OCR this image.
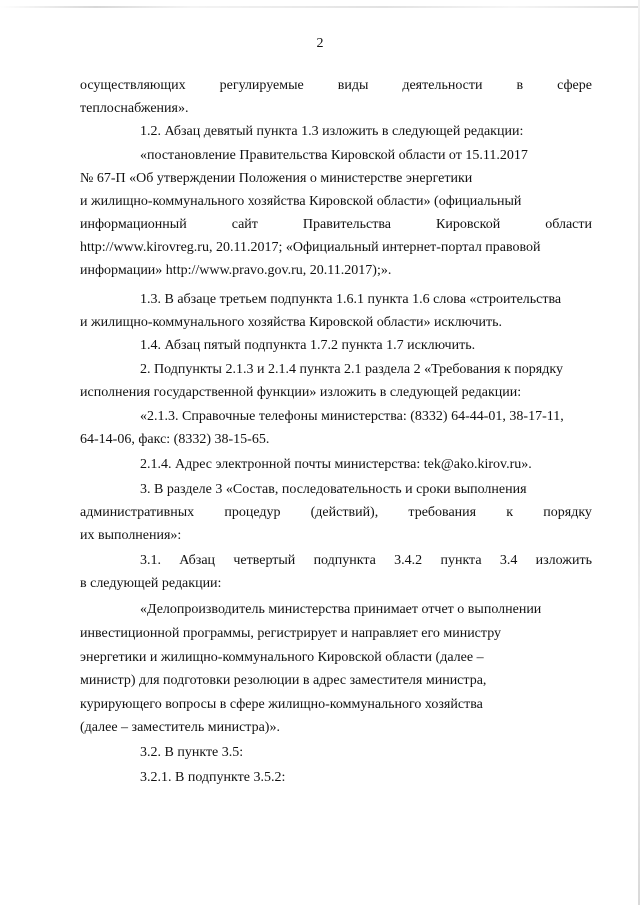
2
осуществляющих регулируемые виды деятельности в сфере
теплоснабжения».
1.2. Абзац девятый пункта 1.3 изложить в следующей редакции:
«постановление Правительства Кировской области от 15.11.2017
№ 67-П «Об утверждении Положения о министерстве энергетики
и жилищно-коммунального хозяйства Кировской области» (официальный
информационный	сайт	Правительства	Кировской	области
http://www.kirovreg.ru, 20.11.2017; «Официальный интернет-портал правовой
информации» http://www.pravo.gov.ru, 20.11.2017);».
1.3. В абзаце третьем подпункта 1.6.1 пункта 1.6 слова «строительства
и жилищно-коммунального хозяйства Кировской области» исключить.
1.4. Абзац пятый подпункта 1.7.2 пункта 1.7 исключить.
2. Подпункты 2.1.3 и 2.1.4 пункта 2.1 раздела 2 «Требования к порядку
исполнения государственной функции» изложить в следующей редакции:
«2.1.3. Справочные телефоны министерства: (8332) 64-44-01, 38-17-11,
64-14-06, факс: (8332) 38-15-65.
2.1.4. Адрес электронной почты министерства: tek@ako.kirov.ru».
3. В разделе 3 «Состав, последовательность и сроки выполнения
административных процедур (действий), требования к порядку
их выполнения»:
3.1. Абзац четвертый подпункта 3.4.2 пункта 3.4 изложить
в следующей редакции:
«Делопроизводитель министерства принимает отчет о выполнении
инвестиционной программы, регистрирует и направляет его министру
энергетики и жилищно-коммунального Кировской области (далее –
министр) для подготовки резолюции в адрес заместителя министра,
курирующего вопросы в сфере жилищно-коммунального хозяйства
(далее – заместитель министра)».
3.2. В пункте 3.5:
3.2.1. В подпункте 3.5.2:
